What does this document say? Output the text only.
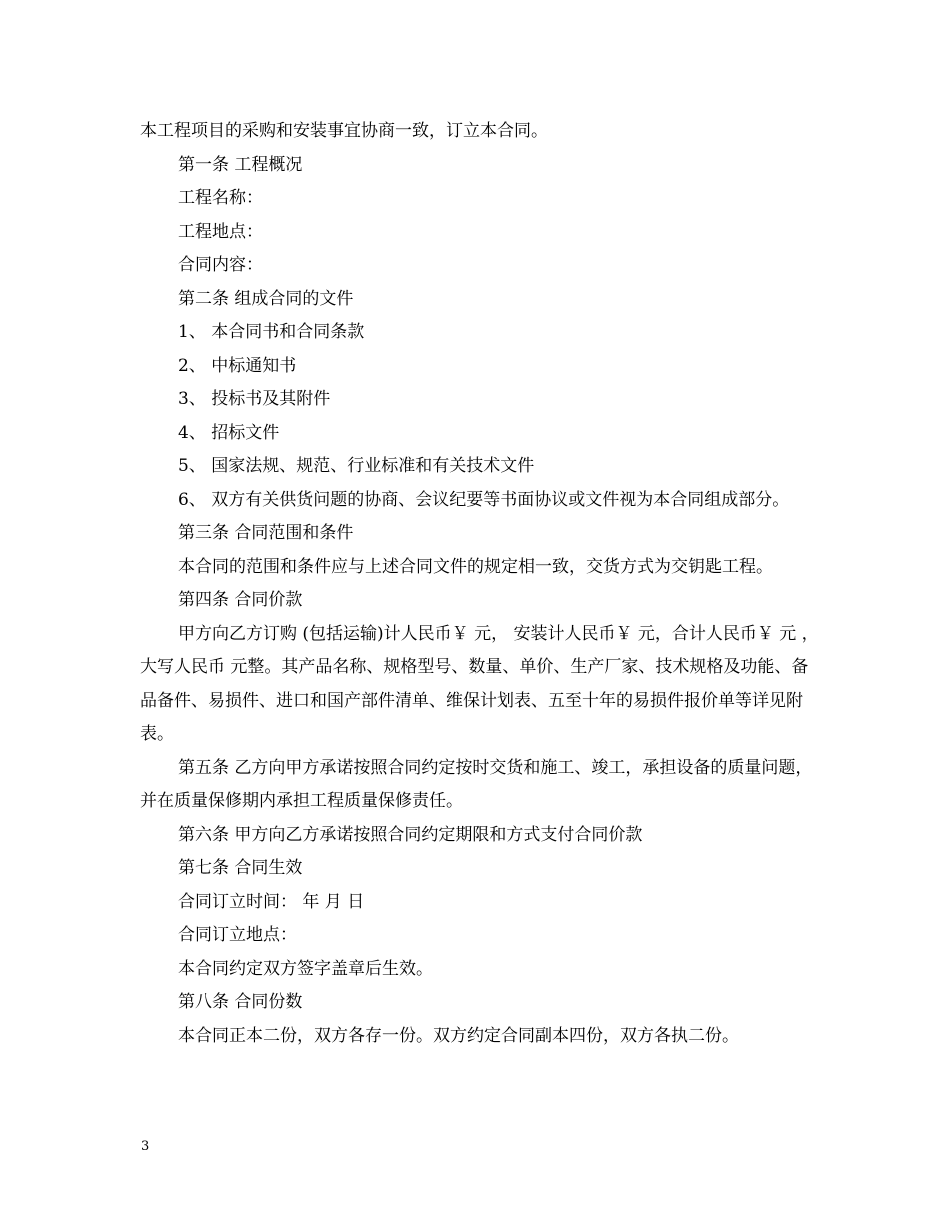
本工程项目的采购和安装事宜协商一致，订立本合同。

第一条 工程概况

工程名称：

工程地点：

合同内容：

第二条 组成合同的文件

1、 本合同书和合同条款

2、 中标通知书

3、 投标书及其附件

4、 招标文件

5、 国家法规、规范、行业标准和有关技术文件

6、 双方有关供货问题的协商、会议纪要等书面协议或文件视为本合同组成部分。

第三条 合同范围和条件

本合同的范围和条件应与上述合同文件的规定相一致，交货方式为交钥匙工程。

第四条 合同价款

甲方向乙方订购 (包括运输)计人民币￥ 元， 安装计人民币￥ 元，合计人民币￥ 元 ，大写人民币 元整。其产品名称、规格型号、数量、单价、生产厂家、技术规格及功能、备品备件、易损件、进口和国产部件清单、维保计划表、五至十年的易损件报价单等详见附表。

第五条 乙方向甲方承诺按照合同约定按时交货和施工、竣工，承担设备的质量问题，并在质量保修期内承担工程质量保修责任。

第六条 甲方向乙方承诺按照合同约定期限和方式支付合同价款

第七条 合同生效

合同订立时间： 年 月 日

合同订立地点：

本合同约定双方签字盖章后生效。

第八条 合同份数

本合同正本二份，双方各存一份。双方约定合同副本四份，双方各执二份。

3
